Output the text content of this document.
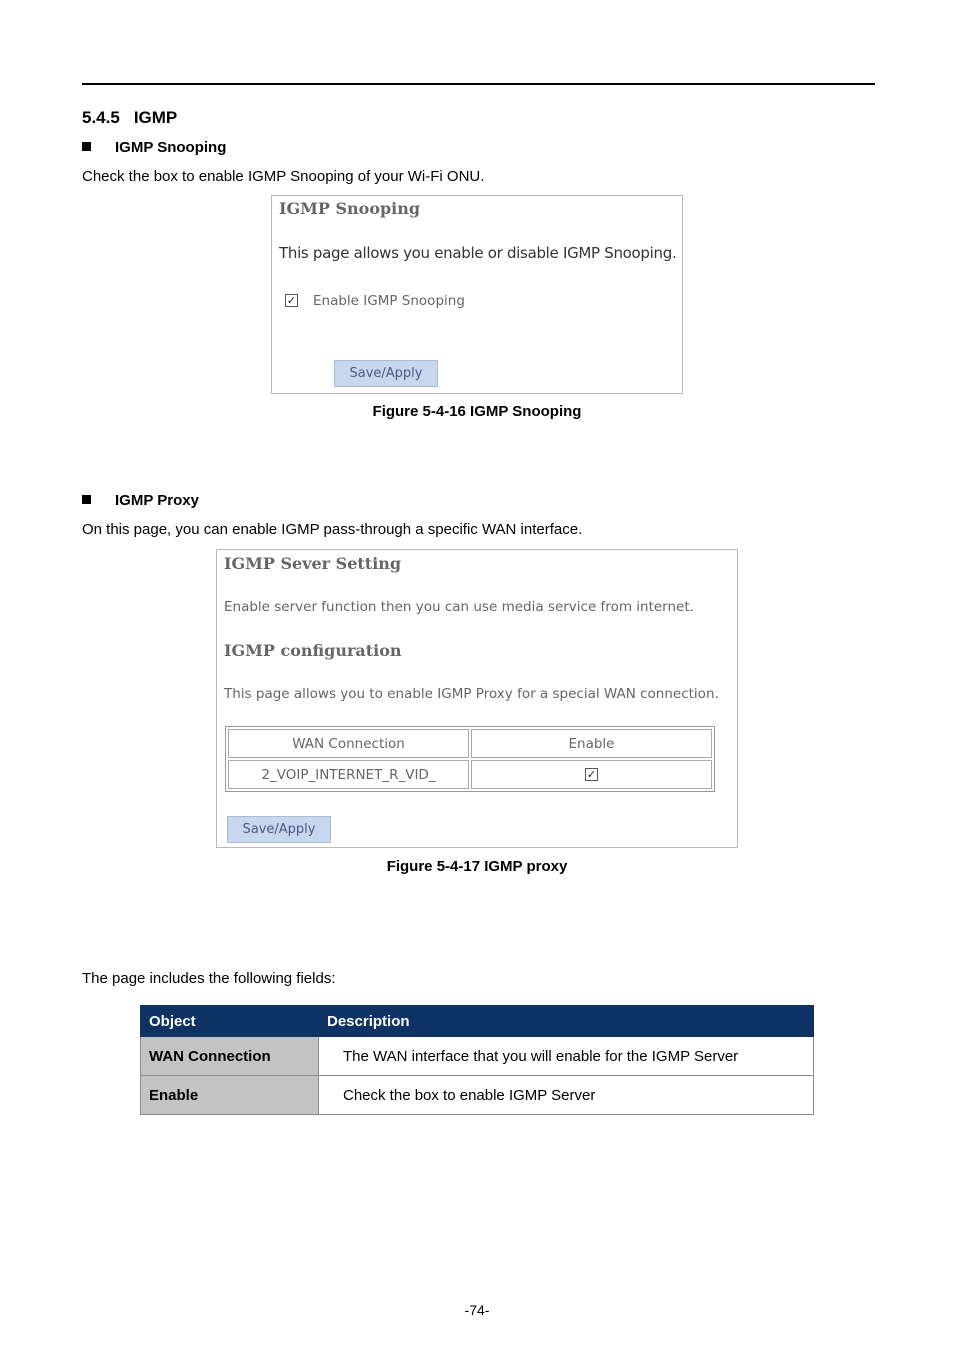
5.4.5 IGMP
IGMP Snooping
Check the box to enable IGMP Snooping of your Wi-Fi ONU.
IGMP Snooping
This page allows you enable or disable IGMP Snooping.
✓ Enable IGMP Snooping
Save/Apply
Figure 5-4-16 IGMP Snooping
IGMP Proxy
On this page, you can enable IGMP pass-through a specific WAN interface.
IGMP Sever Setting
Enable server function then you can use media service from internet.
IGMP configuration
This page allows you to enable IGMP Proxy for a special WAN connection.
WAN Connection	Enable
2_VOIP_INTERNET_R_VID_	✓
Save/Apply
Figure 5-4-17 IGMP proxy
The page includes the following fields:
Object	Description
WAN Connection	The WAN interface that you will enable for the IGMP Server
Enable	Check the box to enable IGMP Server
-74-
